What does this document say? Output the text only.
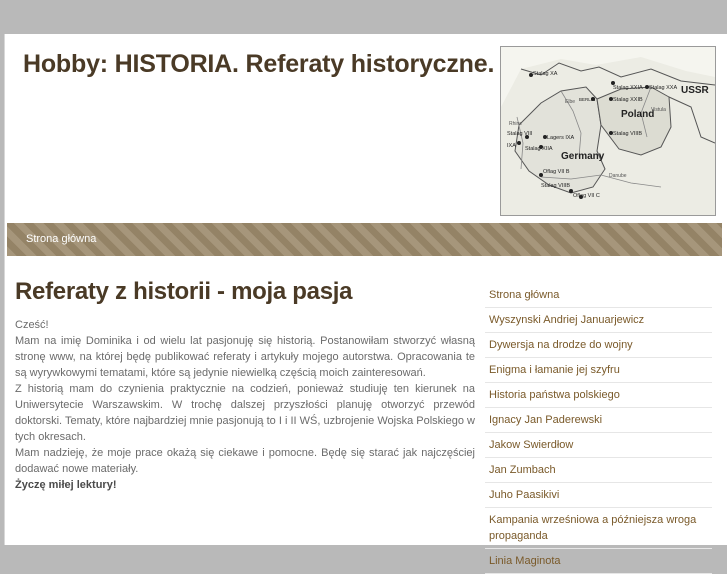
Hobby: HISTORIA. Referaty historyczne.	Stalag XA
Stalag XXIA Stalag XXA
Stalag XXIB
BERLIN
USSR
Poland
Germany
Stalag VIIIB
Stalag VIII
Lagers IXA
IXA Stalag XIIA
Oflag VII B
Stalag VIIIB
Oflag VII C
Danube
Elbe
Vistula
Rhine
Strona główna
Referaty z historii - moja pasja

Cześć!

Mam na imię Dominika i od wielu lat pasjonuję się historią. Postanowiłam stworzyć własną stronę www, na której będę publikować referaty i artykuły mojego autorstwa. Opracowania te są wyrywkowymi tematami, które są jedynie niewielką częścią moich zainteresowań.

Z historią mam do czynienia praktycznie na codzień, ponieważ studiuję ten kierunek na Uniwersytecie Warszawskim. W trochę dalszej przyszłości planuję otworzyć przewód doktorski. Tematy, które najbardziej mnie pasjonują to I i II WŚ, uzbrojenie Wojska Polskiego w tych okresach.

Mam nadzieję, że moje prace okażą się ciekawe i pomocne. Będę się starać jak najczęściej dodawać nowe materiały.

Życzę miłej lektury!

Strona główna
Wyszynski Andriej Januarjewicz
Dywersja na drodze do wojny
Enigma i łamanie jej szyfru
Historia państwa polskiego
Ignacy Jan Paderewski
Jakow Swierdłow
Jan Zumbach
Juho Paasikivi
Kampania wrześniowa a późniejsza wroga propaganda
Linia Maginota
